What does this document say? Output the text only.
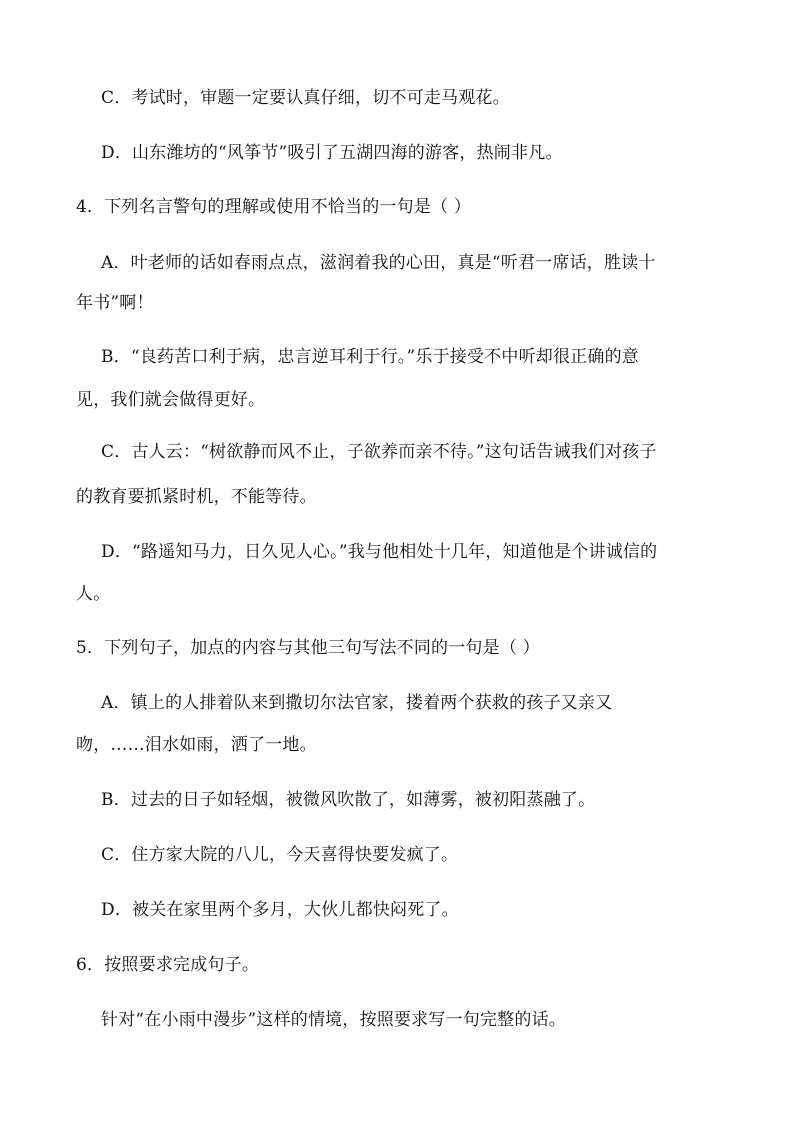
C．考试时，审题一定要认真仔细，切不可走马观花。
D．山东潍坊的“风筝节”吸引了五湖四海的游客，热闹非凡。
4．下列名言警句的理解或使用不恰当的一句是（ ）
A．叶老师的话如春雨点点，滋润着我的心田，真是“听君一席话，胜读十
年书”啊！
B．“良药苦口利于病，忠言逆耳利于行。”乐于接受不中听却很正确的意
见，我们就会做得更好。
C．古人云：“树欲静而风不止，子欲养而亲不待。”这句话告诫我们对孩子
的教育要抓紧时机，不能等待。
D．“路遥知马力，日久见人心。”我与他相处十几年，知道他是个讲诚信的
人。
5．下列句子，加点的内容与其他三句写法不同的一句是（ ）
A．镇上的人排着队来到撒切尔法官家，搂着两个获救的孩子又亲又
吻，……泪水如雨，洒了一地。
B．过去的日子如轻烟，被微风吹散了，如薄雾，被初阳蒸融了。
C．住方家大院的八儿，今天喜得快要发疯了。
D．被关在家里两个多月，大伙儿都快闷死了。
6．按照要求完成句子。
针对“在小雨中漫步”这样的情境，按照要求写一句完整的话。
